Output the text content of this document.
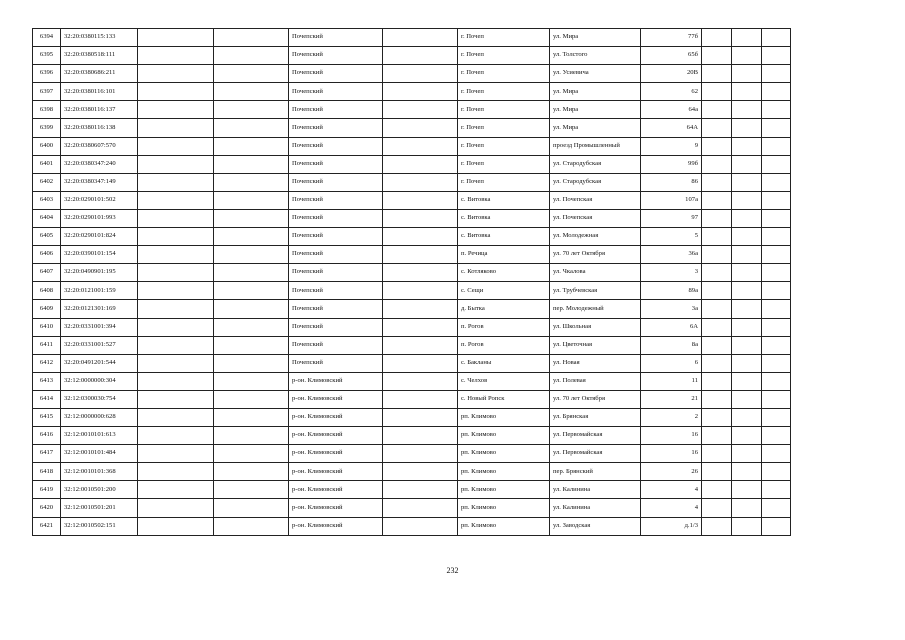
6394	32:20:0380115:133			Почепский		г. Почеп	ул. Мира	77б			
6395	32:20:0380518:111			Почепский		г. Почеп	ул. Толстого	65б			
6396	32:20:0380686:211			Почепский		г. Почеп	ул. Усиевича	20В			
6397	32:20:0380116:101			Почепский		г. Почеп	ул. Мира	62			
6398	32:20:0380116:137			Почепский		г. Почеп	ул. Мира	64а			
6399	32:20:0380116:138			Почепский		г. Почеп	ул. Мира	64А			
6400	32:20:0380607:570			Почепский		г. Почеп	проезд Промышленный	9			
6401	32:20:0380347:240			Почепский		г. Почеп	ул. Стародубская	99б			
6402	32:20:0380347:149			Почепский		г. Почеп	ул. Стародубская	86			
6403	32:20:0290101:502			Почепский		с. Витовка	ул. Почепская	107а			
6404	32:20:0290101:993			Почепский		с. Витовка	ул. Почепская	97			
6405	32:20:0290101:824			Почепский		с. Витовка	ул. Молодежная	5			
6406	32:20:0390101:154			Почепский		п. Речица	ул. 70 лет Октября	36а			
6407	32:20:0490901:195			Почепский		с. Котляково	ул. Чкалова	3			
6408	32:20:0121001:159			Почепский		с. Сещи	ул. Трубчевская	89а			
6409	32:20:0121301:169			Почепский		д. Бытка	пер. Молодежный	3а			
6410	32:20:0331001:394			Почепский		п. Рогов	ул. Школьная	6А			
6411	32:20:0331001:527			Почепский		п. Рогов	ул. Цветочная	8а			
6412	32:20:0491201:544			Почепский		с. Бакланы	ул. Новая	6			
6413	32:12:0000000:304			р-он. Климовский		с. Челхов	ул. Полевая	11			
6414	32:12:0300030:754			р-он. Климовский		с. Новый Ропск	ул. 70 лет Октября	21			
6415	32:12:0000000:628			р-он. Климовский		рп. Климово	ул. Брянская	2			
6416	32:12:0010101:613			р-он. Климовский		рп. Климово	ул. Первомайская	16			
6417	32:12:0010101:484			р-он. Климовский		рп. Климово	ул. Первомайская	16			
6418	32:12:0010101:368			р-он. Климовский		рп. Климово	пер. Брянский	26			
6419	32:12:0010501:200			р-он. Климовский		рп. Климово	ул. Калинина	4			
6420	32:12:0010501:201			р-он. Климовский		рп. Климово	ул. Калинина	4			
6421	32:12:0010502:151			р-он. Климовский		рп. Климово	ул. Заводская	д.1/3			
232
